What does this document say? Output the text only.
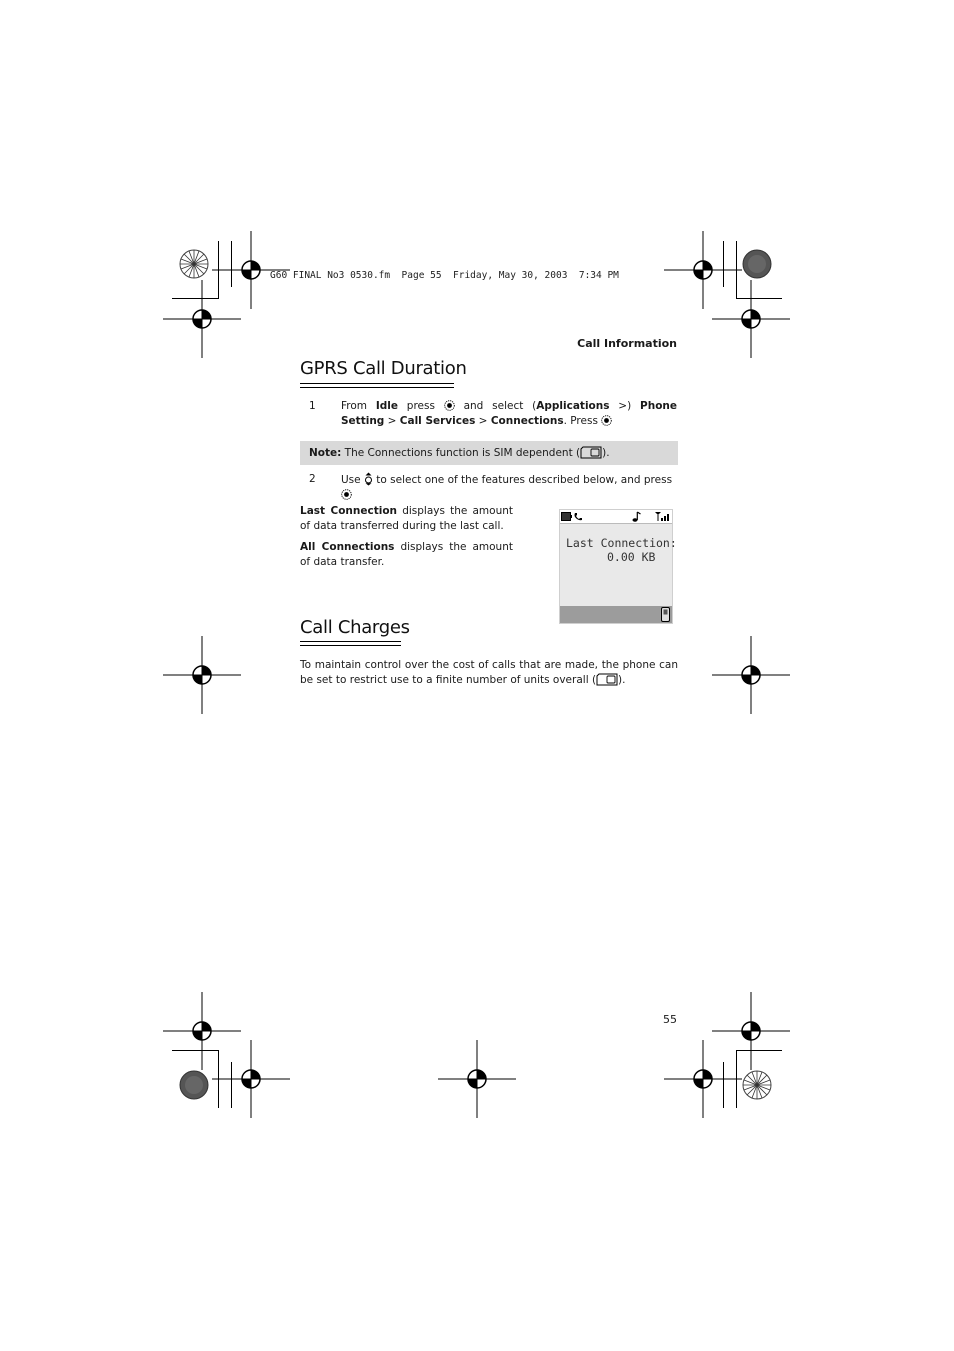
G60 FINAL No3 0530.fm  Page 55  Friday, May 30, 2003  7:34 PM
Call Information
GPRS Call Duration
1 From Idle press  and select (Applications >) Phone Setting > Call Services > Connections. Press
Note: The Connections function is SIM dependent ( ).
2 Use  to select one of the features described below, and press
Last Connection displays the amount of data transferred during the last call.
All Connections displays the amount of data transfer.
Last Connection:
0.00 KB
Call Charges
To maintain control over the cost of calls that are made, the phone can be set to restrict use to a finite number of units overall ( ).
55
